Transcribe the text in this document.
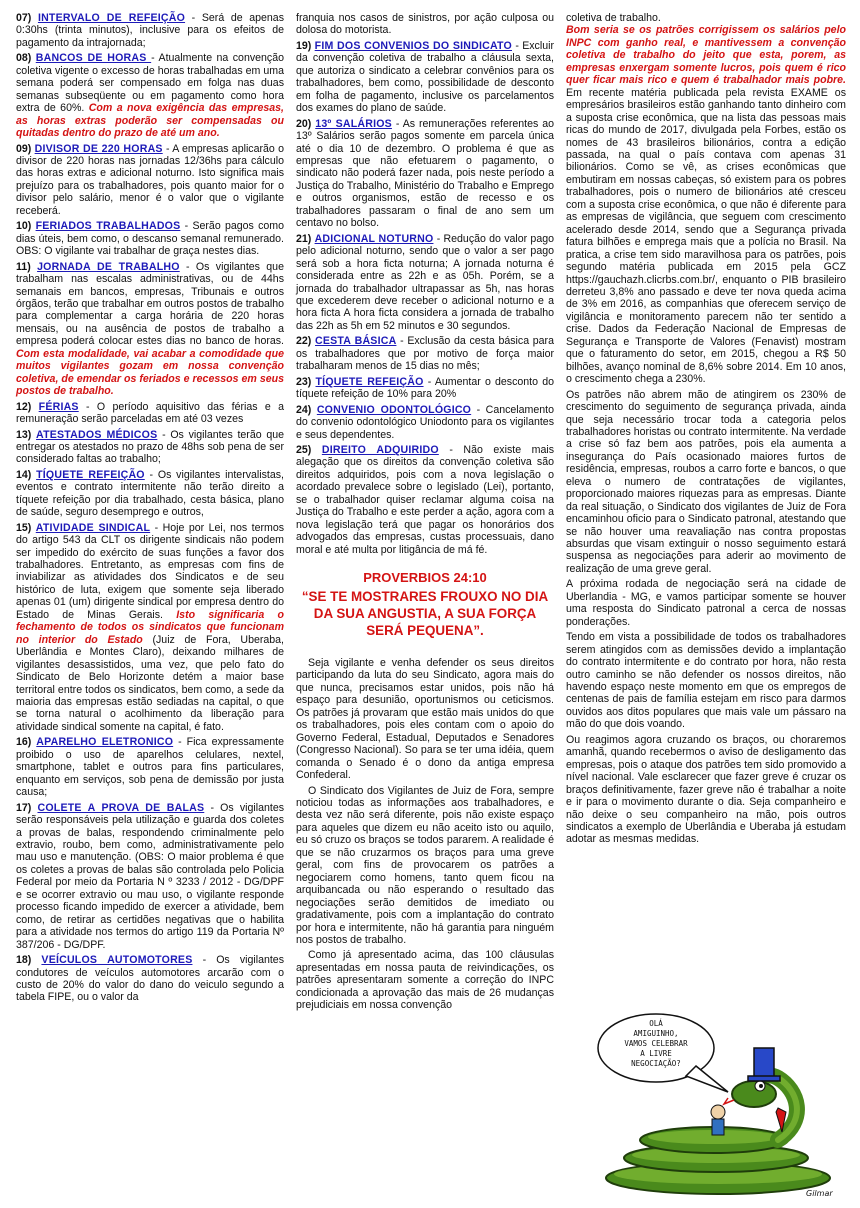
07) INTERVALO DE REFEIÇÃO - Será de apenas 0:30hs (trinta minutos), inclusive para os efeitos de pagamento da intrajornada;
08) BANCOS DE HORAS - Atualmente na convenção coletiva vigente o excesso de horas trabalhadas em uma semana poderá ser compensado em folga nas duas semanas subseqüente ou em pagamento como hora extra de 60%. Com a nova exigência das empresas, as horas extras poderão ser compensadas ou quitadas dentro do prazo de até um ano.
09) DIVISOR DE 220 HORAS - A empresas aplicarão o divisor de 220 horas nas jornadas 12/36hs para cálculo das horas extras e adicional noturno. Isto significa mais prejuízo para os trabalhadores, pois quanto maior for o divisor pelo salário, menor é o valor que o vigilante receberá.
10) FERIADOS TRABALHADOS - Serão pagos como dias úteis, bem como, o descanso semanal remunerado. OBS: O vigilante vai trabalhar de graça nestes dias.
11) JORNADA DE TRABALHO - Os vigilantes que trabalham nas escalas administrativas, ou de 44hs semanais em bancos, empresas, Tribunais e outros órgãos, terão que trabalhar em outros postos de trabalho para complementar a carga horária de 220 horas mensais, ou na ausência de postos de trabalho a empresa poderá colocar estes dias no banco de horas. Com esta modalidade, vai acabar a comodidade que muitos vigilantes gozam em nossa convenção coletiva, de emendar os feriados e recessos em seus postos de trabalho.
12) FÉRIAS - O período aquisitivo das férias e a remuneração serão parceladas em até 03 vezes
13) ATESTADOS MÉDICOS - Os vigilantes terão que entregar os atestados no prazo de 48hs sob pena de ser considerado faltas ao trabalho;
14) TÍQUETE REFEIÇÃO - Os vigilantes intervalistas, eventos e contrato intermitente não terão direito a tíquete refeição por dia trabalhado, cesta básica, plano de saúde, seguro desemprego e outros,
15) ATIVIDADE SINDICAL - Hoje por Lei, nos termos do artigo 543 da CLT os dirigente sindicais não podem ser impedido do exército de suas funções a favor dos trabalhadores. Entretanto, as empresas com fins de inviabilizar as atividades dos Sindicatos e de seu histórico de luta, exigem que somente seja liberado apenas 01 (um) dirigente sindical por empresa dentro do Estado de Minas Gerais. Isto significaria o fechamento de todos os sindicatos que funcionam no interior do Estado (Juiz de Fora, Uberaba, Uberlândia e Montes Claro), deixando milhares de vigilantes desassistidos, uma vez, que pelo fato do Sindicato de Belo Horizonte detém a maior base territoral entre todos os sindicatos, bem como, a sede da maioria das empresas estão sediadas na capital, o que se torna natural o acolhimento da liberação para atividade sindical somente na capital, é fato.
16) APARELHO ELETRONICO - Fica expressamente proibido o uso de aparelhos celulares, nextel, smartphone, tablet e outros para fins particulares, enquanto em serviços, sob pena de demissão por justa causa;
17) COLETE A PROVA DE BALAS - Os vigilantes serão responsáveis pela utilização e guarda dos coletes a provas de balas, respondendo criminalmente pelo extravio, roubo, bem como, administrativamente pelo mau uso e manutenção. (OBS: O maior problema é que os coletes a provas de balas são controlada pelo Policia Federal por meio da Portaria N º 3233 / 2012 - DG/DPF e se ocorrer extravio ou mau uso, o vigilante responde processo ficando impedido de exercer a atividade, bem como, de retirar as certidões negativas que o habilita para a atividade nos termos do artigo 119 da Portaria Nº 387/206 - DG/DPF.
18) VEÍCULOS AUTOMOTORES - Os vigilantes condutores de veículos automotores arcarão com o custo de 20% do valor do dano do veiculo segundo a tabela FIPE, ou o valor da

franquia nos casos de sinistros, por ação culposa ou dolosa do motorista.

19) FIM DOS CONVENIOS DO SINDICATO - Excluir da convenção coletiva de trabalho a cláusula sexta, que autoriza o sindicato a celebrar convênios para os trabalhadores, bem como, possibilidade de desconto em folha de pagamento, inclusive os parcelamentos dos exames do plano de saúde.
20) 13º SALÁRIOS - As remunerações referentes ao 13º Salários serão pagos somente em parcela única até o dia 10 de dezembro. O problema é que as empresas que não efetuarem o pagamento, o sindicato não poderá fazer nada, pois neste período a Justiça do Trabalho, Ministério do Trabalho e Emprego e outros organismos, estão de recesso e os trabalhadores passaram o final de ano sem um centavo no bolso.
21) ADICIONAL NOTURNO - Redução do valor pago pelo adicional noturno, sendo que o valor a ser pago será sob a hora ficta noturna; A jornada noturna é considerada entre as 22h e as 05h. Porém, se a jornada do trabalhador ultrapassar as 5h, nas horas que excederem deve receber o adicional noturno e a hora ficta A hora ficta considera a jornada de trabalho das 22h as 5h em 52 minutos e 30 segundos.
22) CESTA BÁSICA - Exclusão da cesta básica para os trabalhadores que por motivo de força maior trabalharam menos de 15 dias no mês;
23) TÍQUETE REFEIÇÃO - Aumentar o desconto do tíquete refeição de 10% para 20%
24) CONVENIO ODONTOLÓGICO - Cancelamento do convenio odontológico Uniodonto para os vigilantes e seus dependentes.
25) DIREITO ADQUIRIDO - Não existe mais alegação que os direitos da convenção coletiva são direitos adquiridos, pois com a nova legislação o acordado prevalece sobre o legislado (Lei), portanto, se o trabalhador quiser reclamar alguma coisa na Justiça do Trabalho e este perder a ação, agora com a nova legislação terá que pagar os honorários dos advogados das empresas, custas processuais, dano moral e até multa por litigância de má fé.
PROVERBIOS 24:10
“SE TE MOSTRARES FROUXO NO DIA DA SUA ANGUSTIA, A SUA FORÇA SERÁ PEQUENA”.

Seja vigilante e venha defender os seus direitos participando da luta do seu Sindicato, agora mais do que nunca, precisamos estar unidos, pois não há espaço para desunião, oportunismos ou ceticismos. Os patrões já provaram que estão mais unidos do que os trabalhadores, pois eles contam com o apoio do Governo Federal, Estadual, Deputados e Senadores (Congresso Nacional). So para se ter uma idéia, quem comanda o Senado é o dono da antiga empresa Confederal.

O Sindicato dos Vigilantes de Juiz de Fora, sempre noticiou todas as informações aos trabalhadores, e desta vez não será diferente, pois não existe espaço para aqueles que dizem eu não aceito isto ou aquilo, eu só cruzo os braços se todos pararem. A realidade é que se não cruzarmos os braços para uma greve geral, com fins de provocarem os patrões a negociarem como homens, tanto quem ficou na arquibancada ou não esperando o resultado das negociações serão demitidos de imediato ou gradativamente, pois com a implantação do contrato por hora e intermitente, não há garantia para ninguém nos postos de trabalho.

Como já apresentado acima, das 100 cláusulas apresentadas em nossa pauta de reivindicações, os patrões apresentaram somente a correção do INPC condicionada a aprovação das mais de 26 mudanças prejudiciais em nossa convenção

coletiva de trabalho.
Bom seria se os patrões corrigissem os salários pelo INPC com ganho real, e mantivessem a convenção coletiva de trabalho do jeito que esta, porem, as empresas enxergam somente lucros, pois quem é rico quer ficar mais rico e quem é trabalhador mais pobre. Em recente matéria publicada pela revista EXAME os empresários brasileiros estão ganhando tanto dinheiro com a suposta crise econômica, que na lista das pessoas mais ricas do mundo de 2017, divulgada pela Forbes, estão os nomes de 43 brasileiros bilionários, contra a edição passada, na qual o país contava com apenas 31 bilionários. Como se vê, as crises econômicas que embutiram em nossas cabeças, só existem para os pobres trabalhadores, pois o numero de bilionários até cresceu com a suposta crise econômica, o que não é diferente para as empresas de vigilância, que seguem com crescimento acelerado desde 2014, sendo que a Segurança privada fatura bilhões e emprega mais que a polícia no Brasil. Na pratica, a crise tem sido maravilhosa para os patrões, pois segundo matéria publicada em 2015 pela GCZ https://gauchazh.clicrbs.com.br/, enquanto o PIB brasileiro derreteu 3,8% ano passado e deve ter nova queda acima de 3% em 2016, as companhias que oferecem serviço de vigilância e monitoramento parecem não ter sentido a crise. Dados da Federação Nacional de Empresas de Segurança e Transporte de Valores (Fenavist) mostram que o faturamento do setor, em 2015, chegou a R$ 50 bilhões, avanço nominal de 8,6% sobre 2014. Em 10 anos, o crescimento chega a 230%.

Os patrões não abrem mão de atingirem os 230% de crescimento do seguimento de segurança privada, ainda que seja necessário trocar toda a categoria pelos trabalhadores horistas ou contrato intermitente. Na verdade a crise só faz bem aos patrões, pois ela aumenta a insegurança do País ocasionado maiores furtos de residência, empresas, roubos a carro forte e bancos, o que eleva o numero de contratações de vigilantes, proporcionado maiores riquezas para as empresas. Diante da real situação, o Sindicato dos vigilantes de Juiz de Fora encaminhou oficio para o Sindicato patronal, atestando que se não houver uma reavaliação nas contra propostas absurdas que visam extinguir o nosso seguimento estará suspensa as negociações para aderir ao movimento de realização de uma greve geral.

A próxima rodada de negociação será na cidade de Uberlandia - MG, e vamos participar somente se houver uma resposta do Sindicato patronal a cerca de nossas ponderações.

Tendo em vista a possibilidade de todos os trabalhadores serem atingidos com as demissões devido a implantação do contrato intermitente e do contrato por hora, não resta outro caminho se não defender os nossos direitos, não havendo espaço neste momento em que os empregos de centenas de pais de família estejam em risco para darmos ouvidos aos ditos populares que mais vale um pássaro na mão do que dois voando.

Ou reagimos agora cruzando os braços, ou choraremos amanhã, quando recebermos o aviso de desligamento das empresas, pois o ataque dos patrões tem sido promovido a nível nacional. Vale esclarecer que fazer greve é cruzar os braços definitivamente, fazer greve não é trabalhar a noite e ir para o movimento durante o dia. Seja companheiro e não deixe o seu companheiro na mão, pois outros sindicatos a exemplo de Uberlândia e Uberaba já estudam adotar as mesmas medidas.

OLÁ
AMIGUINHO,
VAMOS CELEBRAR
A LIVRE
NEGOCIAÇÃO?
Gilmar
